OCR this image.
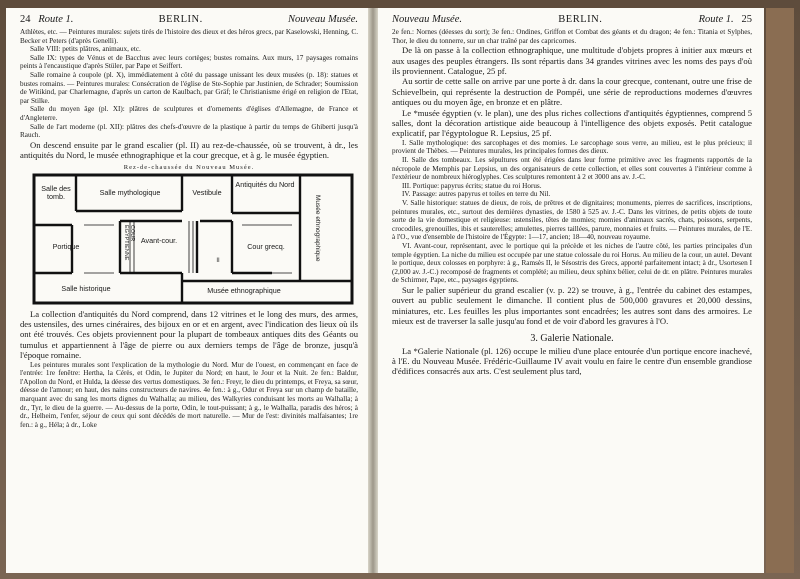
24 Route 1.	BERLIN.	Nouveau Musée.

Athlètes, etc. — Peintures murales: sujets tirés de l'histoire des dieux et des héros grecs, par Kaselowski, Henning, C. Becker et Peters (d'après Genelli).

Salle VIII: petits plâtres, animaux, etc.

Salle IX: types de Vénus et de Bacchus avec leurs cortèges; bustes romains. Aux murs, 17 paysages romains peints à l'encaustique d'après Stüler, par Pape et Seiffert.

Salle romaine à coupole (pl. X), immédiatement à côté du passage unissant les deux musées (p. 18): statues et bustes romains. — Peintures murales: Consécration de l'église de Ste-Sophie par Justinien, de Schrader; Soumission de Witikind, par Charlemagne, d'après un carton de Kaulbach, par Gräf; le Christianisme érigé en religion de l'Etat, par Stilke.

Salle du moyen âge (pl. XI): plâtres de sculptures et d'ornements d'églises d'Allemagne, de France et d'Angleterre.

Salle de l'art moderne (pl. XII): plâtres des chefs-d'œuvre de la plastique à partir du temps de Ghiberti jusqu'à Rauch.

On descend ensuite par le grand escalier (pl. II) au rez-de-chaussée, où se trouvent, à dr., les antiquités du Nord, le musée ethnographique et la cour grecque, et à g. le musée égyptien.

Rez-de-chaussée du Nouveau Musée.
Salle des tomb.	Salle mythologique	Vestibule
Antiquités du Nord
Portique
Avant-cour.
Cour grecq.	Musée ethnographique
Salle historique	Musée ethnographique
COUR ÉGYPTIENNE
II

La collection d'antiquités du Nord comprend, dans 12 vitrines et le long des murs, des armes, des ustensiles, des urnes cinéraires, des bijoux en or et en argent, avec l'indication des lieux où ils ont été trouvés. Ces objets proviennent pour la plupart de tombeaux antiques dits des Géants ou tumulus et appartiennent à l'âge de pierre ou aux derniers temps de l'âge de bronze, jusqu'à l'époque romaine.

Les peintures murales sont l'explication de la mythologie du Nord. Mur de l'ouest, en commençant en face de l'entrée: 1re fenêtre: Hertha, la Cérès, et Odin, le Jupiter du Nord; en haut, le Jour et la Nuit. 2e fen.: Baldur, l'Apollon du Nord, et Hulda, la déesse des vertus domestiques. 3e fen.: Freyr, le dieu du printemps, et Freya, sa sœur, déesse de l'amour; en haut, des nains constructeurs de navires. 4e fen.: à g., Odur et Freya sur un champ de bataille, marquant avec du sang les morts dignes du Walhalla; au milieu, des Walkyries conduisant les morts au Walhalla; à dr., Tyr, le dieu de la guerre. — Au-dessus de la porte, Odin, le tout-puissant; à g., le Walhalla, paradis des héros; à dr., Helheim, l'enfer, séjour de ceux qui sont décédés de mort naturelle. — Mur de l'est: divinités malfaisantes; 1re fen.: à g., Héla; à dr., Loke

Nouveau Musée.	BERLIN.	Route 1. 25

2e fen.: Nornes (déesses du sort); 3e fen.: Ondines, Griffon et Combat des géants et du dragon; 4e fen.: Titania et Sylphes, Thor, le dieu du tonnerre, sur un char traîné par des capricornes.

De là on passe à la collection ethnographique, une multitude d'objets propres à initier aux mœurs et aux usages des peuples étrangers. Ils sont répartis dans 34 grandes vitrines avec les noms des pays d'où ils proviennent. Catalogue, 25 pf.

Au sortir de cette salle on arrive par une porte à dr. dans la cour grecque, contenant, outre une frise de Schievelbein, qui représente la destruction de Pompéi, une série de reproductions modernes d'œuvres antiques ou du moyen âge, en bronze et en plâtre.

Le *musée égyptien (v. le plan), une des plus riches collections d'antiquités égyptiennes, comprend 5 salles, dont la décoration artistique aide beaucoup à l'intelligence des objets exposés. Petit catalogue explicatif, par l'égyptologue R. Lepsius, 25 pf.

I. Salle mythologique: des sarcophages et des momies. Le sarcophage sous verre, au milieu, est le plus précieux; il provient de Thèbes. — Peintures murales, les principales formes des dieux.

II. Salle des tombeaux. Les sépultures ont été érigées dans leur forme primitive avec les fragments rapportés de la nécropole de Memphis par Lepsius, un des organisateurs de cette collection, et elles sont couvertes à l'intérieur comme à l'extérieur de nombreux hiéroglyphes. Ces sculptures remontent à 2 et 3000 ans av. J.-C.

III. Portique: papyrus écrits; statue du roi Horus.

IV. Passage: autres papyrus et toiles en terre du Nil.

V. Salle historique: statues de dieux, de rois, de prêtres et de dignitaires; monuments, pierres de sacrifices, inscriptions, peintures murales, etc., surtout des dernières dynasties, de 1580 à 525 av. J.-C. Dans les vitrines, de petits objets de toute sorte de la vie domestique et religieuse: ustensiles, têtes de momies; momies d'animaux sacrés, chats, poissons, serpents, crocodiles, grenouilles, ibis et sauterelles; amulettes, pierres taillées, parure, monnaies et fruits. — Peintures murales, de l'E. à l'O., vue d'ensemble de l'histoire de l'Égypte: 1—17, ancien; 18—40, nouveau royaume.

VI. Avant-cour, représentant, avec le portique qui la précède et les niches de l'autre côté, les parties principales d'un temple égyptien. La niche du milieu est occupée par une statue colossale du roi Horus. Au milieu de la cour, un autel. Devant le portique, deux colosses en porphyre: à g., Ramsès II, le Sésostris des Grecs, apporté parfaitement intact; à dr., Usortesen I (2,000 av. J.-C.) recomposé de fragments et complété; au milieu, deux sphinx bélier, celui de dr. en plâtre. Peintures murales de Schirmer, Pape, etc., paysages égyptiens.

Sur le palier supérieur du grand escalier (v. p. 22) se trouve, à g., l'entrée du cabinet des estampes, ouvert au public seulement le dimanche. Il contient plus de 500,000 gravures et 20,000 dessins, miniatures, etc. Les feuilles les plus importantes sont encadrées; les autres sont dans des armoires. Le mieux est de traverser la salle jusqu'au fond et de voir d'abord les gravures à l'O.

3. Galerie Nationale.

La *Galerie Nationale (pl. 126) occupe le milieu d'une place entourée d'un portique encore inachevé, à l'E. du Nouveau Musée. Frédéric-Guillaume IV avait voulu en faire le centre d'un ensemble grandiose d'édifices consacrés aux arts. C'est seulement plus tard,
